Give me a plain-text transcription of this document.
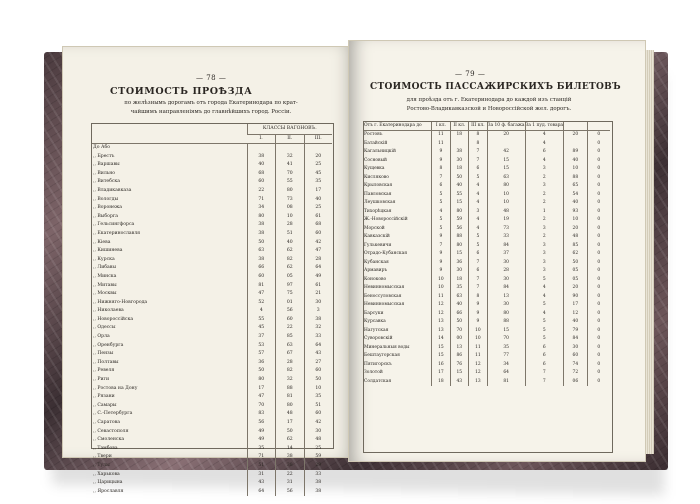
— 78 —
СТОИМОСТЬ ПРОѢЗДА
по желѣзнымъ дорогамъ отъ города Екатеринодара по крат-
чайшимъ направленiямъ до главнѣйшихъ город. Россiи.
	КЛАССЫ ВАГОНОВЪ.		
	I.	II.	III.
До Або			
,, Брестъ	38	32	20
,, Варшавы	40	41	25
,, Вильно	68	70	45
,, Витебска	60	55	35
,, Владикавказа	22	80	17
,, Вологды	71	73	40
,, Воронежа	34	08	25
,, Выборга	80	10	61
,, Гельсингфорса	38	28	68
,, Екатеринославля	38	51	60
,, Кiева	50	40	42
,, Кишинева	63	62	47
,, Курска	38	82	28
,, Либавы	66	62	64
,, Минска	60	05	49
,, Митавы	81	97	61
,, Москвы	47	75	21
,, Нижняго-Новгорода	52	01	30
,, Николаева	4	56	3
,, Новороссiйска	55	60	38
,, Одессы	45	22	32
,, Орла	37	85	33
,, Оренбурга	53	63	64
,, Пензы	57	67	43
,, Полтавы	36	28	27
,, Ревеля	50	82	60
,, Риги	80	32	50
,, Ростова на Дону	17	88	10
,, Рязани	47	81	35
,, Самары	70	80	51
,, С.-Петербурга	83	48	60
,, Саратова	56	17	42
,, Севастополя	49	50	30
,, Смоленска	49	62	48
,, Тамбова	35	14	25
,, Твери	71	38	59
,, Тулы	51	38	29
,, Харькова	31	22	33
,, Царицына	43	31	38
,, Ярославля	64	56	38
— 79 —
СТОИМОСТЬ ПАССАЖИРСКИХЪ БИЛЕТОВЪ
для проѣзда отъ г. Екатеринодара до каждой изъ станцiй
Ростово-Владикавказской и Новороссiйской жел. дорогъ.
Отъ г. Екатеринодара до	I кл.	II кл.	III кл.	За 10 ф. багажа	За 1 пуд. товара		
Ростовъ	11	18	8	20	4	20	0
Батайскiй	11		8		4		0
Кагальницкiй	9	38	7	42	6	89	0
Сосновый	9	30	7	15	4	40	0
Кущевка	8	18	6	15	3	10	0
Кисляково	7	50	5	63	2	88	0
Крыловская	6	40	4	80	3	65	0
Павловская	5	55	4	10	2	54	0
Леушковская	5	15	4	10	2	40	0
Тихорѣцкая	4	80	3	48	1	93	0
Ж.-Новороссiйскiй	5	59	4	19	2	10	0
Морской	5	56	4	73	3	20	0
Кавказскiй	9	88	5	33	2	48	0
Гулькевичи	7	80	5	84	3	85	0
Отрадо-Кубанская	9	15	6	37	3	62	0
Кубанская	9	36	7	30	3	50	0
Армавиръ	9	30	6	28	3	05	0
Коноково	10	18	7	30	5	05	0
Невинномысская	10	35	7	84	4	20	0
Беноссуловская	11	63	8	13	4	90	0
Невинномысская	12	40	9	30	5	17	0
Барсуки	12	66	9	80	4	12	0
Курсавка	13	50	9	88	5	40	0
Нагутская	13	70	10	15	5	79	0
Суворовскiй	14	00	10	70	5	84	0
Минеральныя воды	15	13	11	35	6	30	0
Бештаугорская	15	86	11	77	6	60	0
Пятигорскъ	16	76	12	34	6	74	0
Золотой	17	15	12	64	7	72	0
Солдатская	18	43	13	81	7	06	0
